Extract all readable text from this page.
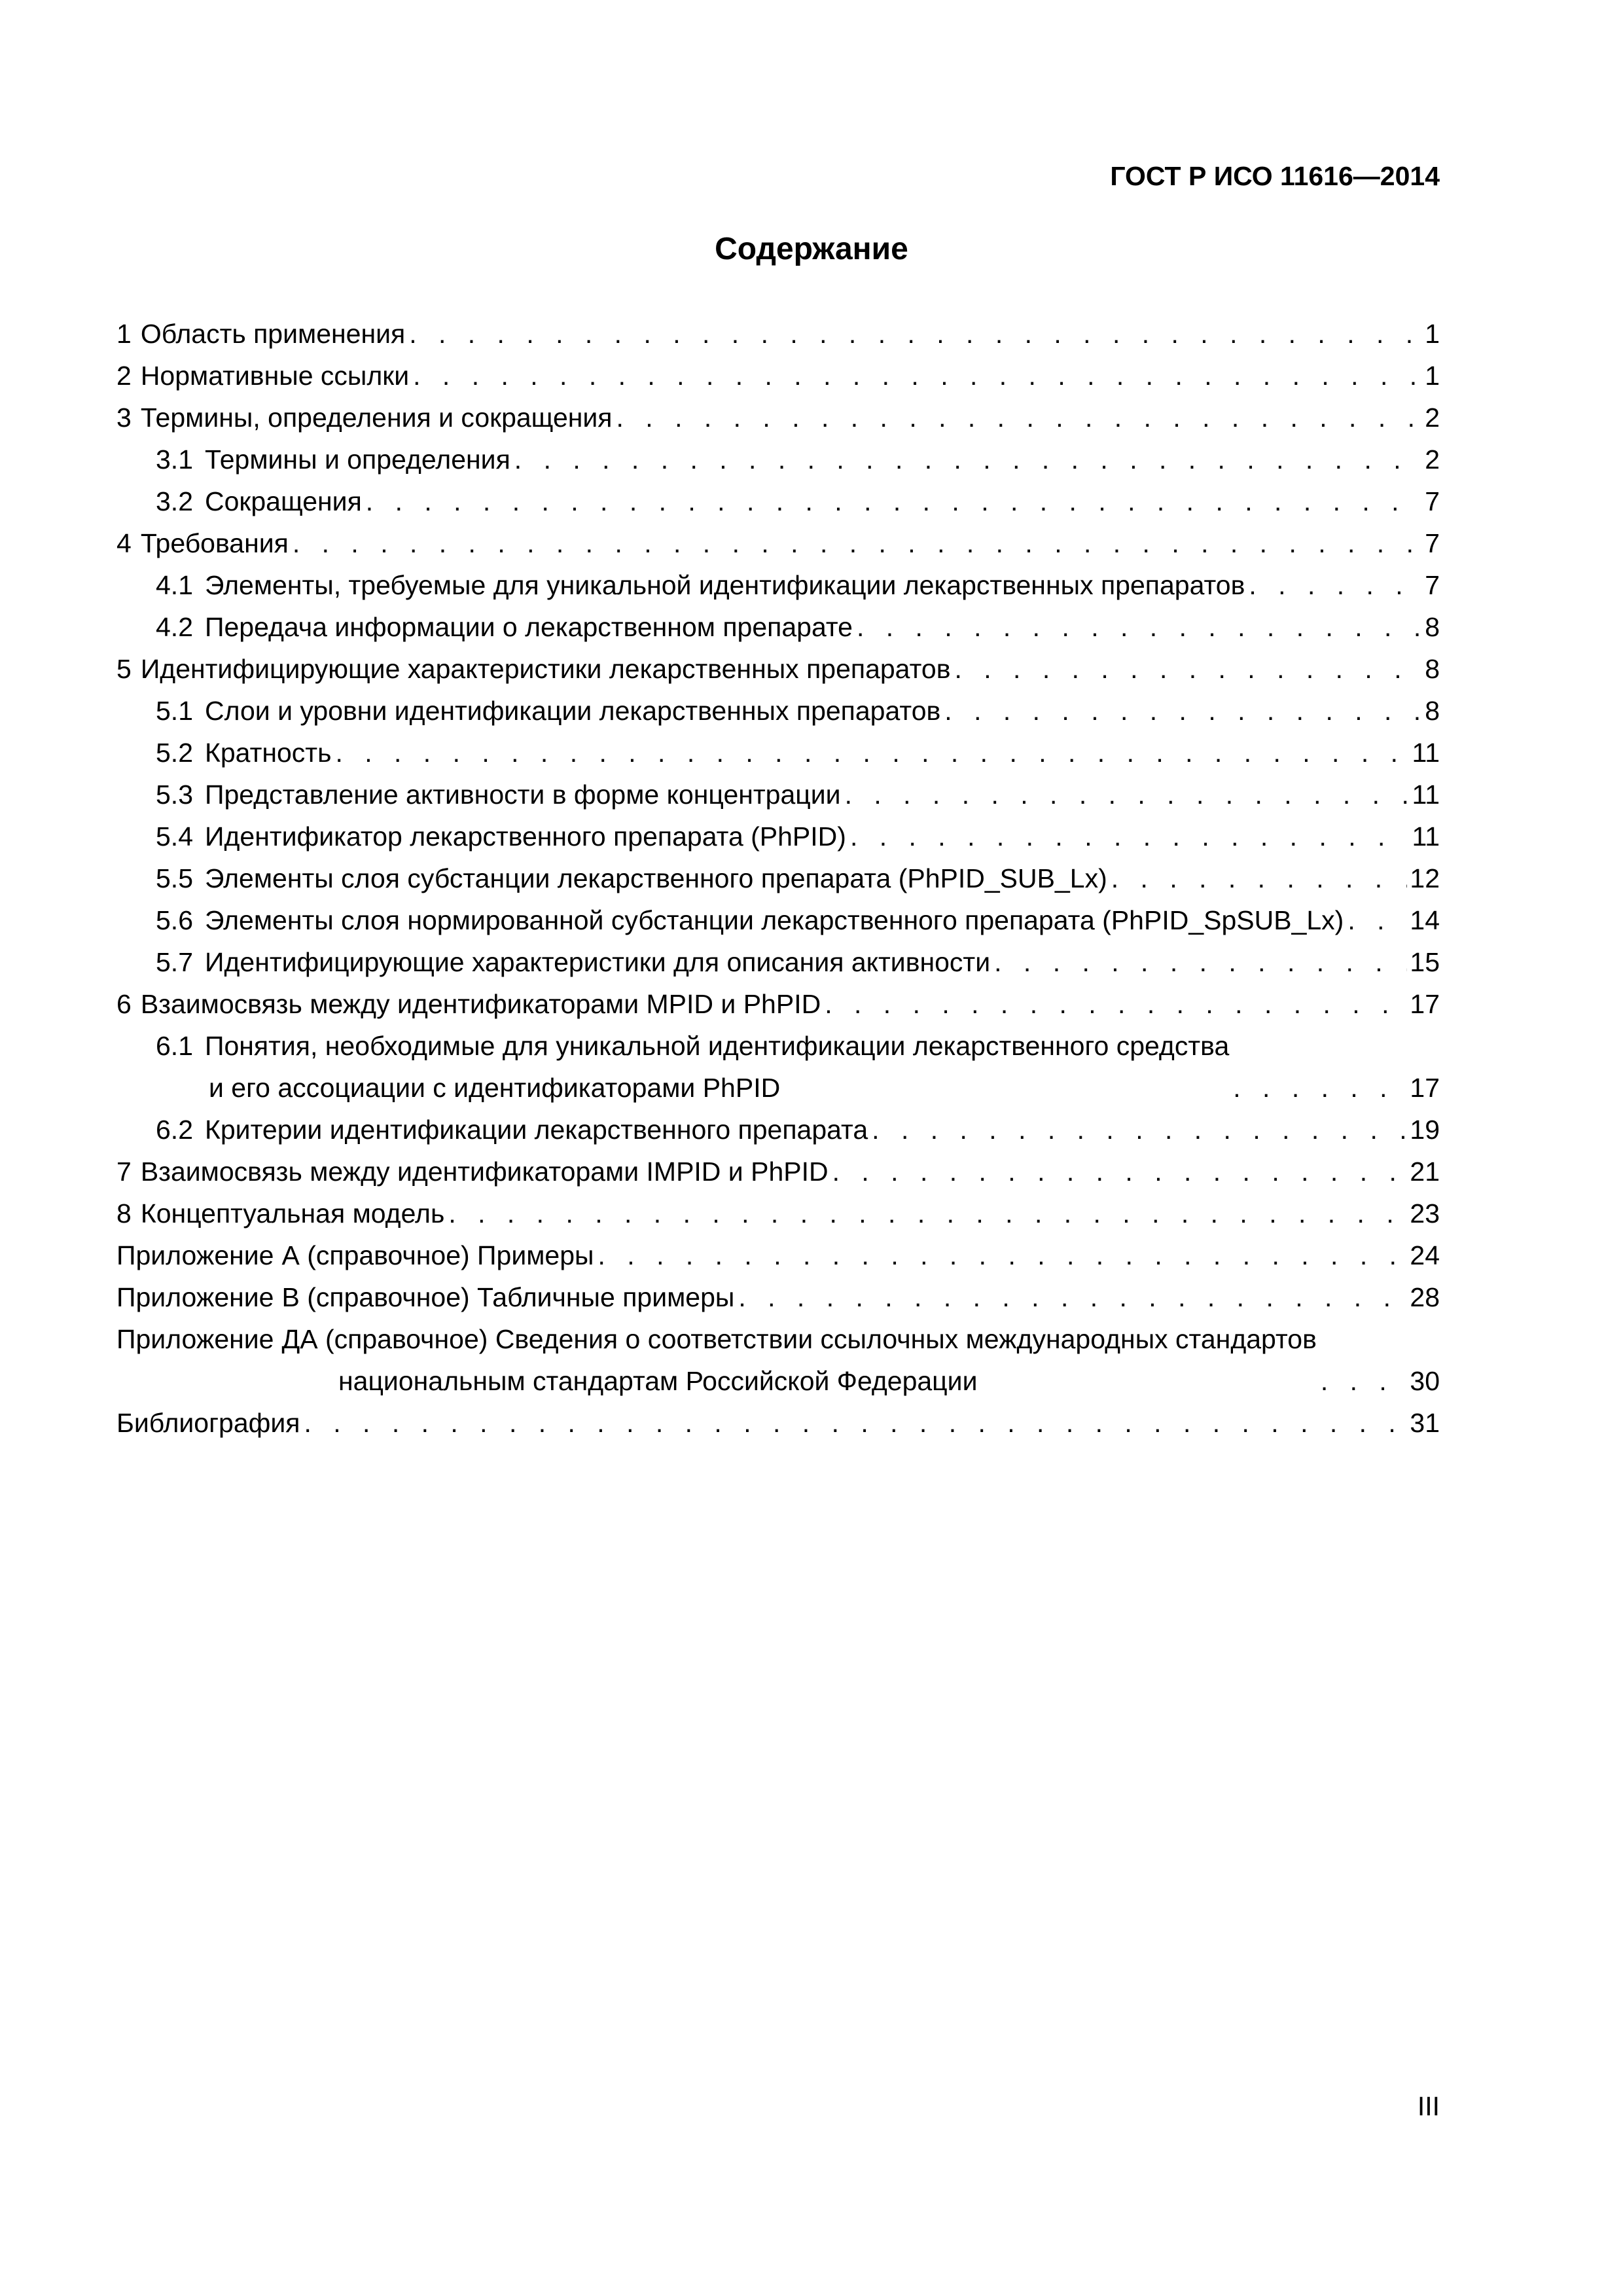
ГОСТ Р ИСО 11616—2014
Содержание
1 Область применения . . .	1
2 Нормативные ссылки . . .	1
3 Термины, определения и сокращения . . .	2
3.1 Термины и определения . . .	2
3.2 Сокращения . . .	7
4 Требования . . .	7
4.1 Элементы, требуемые для уникальной идентификации лекарственных препаратов . . .	7
4.2 Передача информации о лекарственном препарате . . .	8
5 Идентифицирующие характеристики лекарственных препаратов . . .	8
5.1 Слои и уровни идентификации лекарственных препаратов . . .	8
5.2 Кратность . . .	11
5.3 Представление активности в форме концентрации . . .	11
5.4 Идентификатор лекарственного препарата (PhPID) . . .	11
5.5 Элементы слоя субстанции лекарственного препарата (PhPID_SUB_Lx) . . .	12
5.6 Элементы слоя нормированной субстанции лекарственного препарата (PhPID_SpSUB_Lx) . . . 14
5.7 Идентифицирующие характеристики для описания активности . . .	15
6 Взаимосвязь между идентификаторами MPID и PhPID . . .	17
6.1 Понятия, необходимые для уникальной идентификации лекарственного средства
и его ассоциации с идентификаторами PhPID . . .	17
6.2 Критерии идентификации лекарственного препарата . . .	19
7 Взаимосвязь между идентификаторами IMPID и PhPID . . .	21
8 Концептуальная модель . . .	23
Приложение А (справочное) Примеры . . .	24
Приложение В (справочное) Табличные примеры . . .	28
Приложение ДА (справочное) Сведения о соответствии ссылочных международных стандартов
национальным стандартам Российской Федерации . . .	30
Библиография . . .	31
III
